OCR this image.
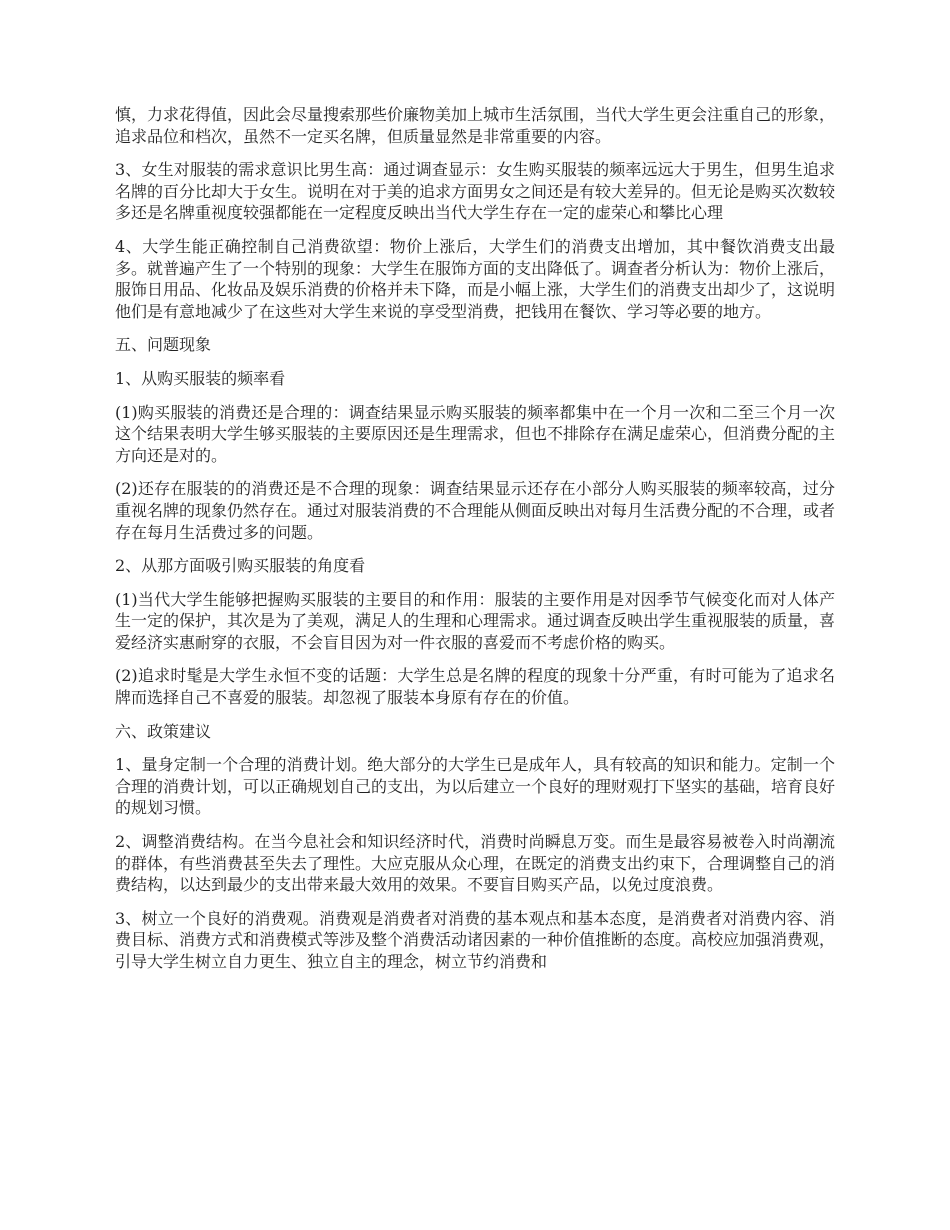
慎，力求花得值，因此会尽量搜索那些价廉物美加上城市生活氛围，当代大学生更会注重自己的形象，追求品位和档次，虽然不一定买名牌，但质量显然是非常重要的内容。

3、女生对服装的需求意识比男生高：通过调查显示：女生购买服装的频率远远大于男生，但男生追求名牌的百分比却大于女生。说明在对于美的追求方面男女之间还是有较大差异的。但无论是购买次数较多还是名牌重视度较强都能在一定程度反映出当代大学生存在一定的虚荣心和攀比心理

4、大学生能正确控制自己消费欲望：物价上涨后，大学生们的消费支出增加，其中餐饮消费支出最多。就普遍产生了一个特别的现象：大学生在服饰方面的支出降低了。调查者分析认为：物价上涨后，服饰日用品、化妆品及娱乐消费的价格并未下降，而是小幅上涨，大学生们的消费支出却少了，这说明他们是有意地减少了在这些对大学生来说的享受型消费，把钱用在餐饮、学习等必要的地方。

五、问题现象

1、从购买服装的频率看

(1)购买服装的消费还是合理的：调查结果显示购买服装的频率都集中在一个月一次和二至三个月一次这个结果表明大学生够买服装的主要原因还是生理需求，但也不排除存在满足虚荣心，但消费分配的主方向还是对的。

(2)还存在服装的的消费还是不合理的现象：调查结果显示还存在小部分人购买服装的频率较高，过分重视名牌的现象仍然存在。通过对服装消费的不合理能从侧面反映出对每月生活费分配的不合理，或者存在每月生活费过多的问题。

2、从那方面吸引购买服装的角度看

(1)当代大学生能够把握购买服装的主要目的和作用：服装的主要作用是对因季节气候变化而对人体产生一定的保护，其次是为了美观，满足人的生理和心理需求。通过调查反映出学生重视服装的质量，喜爱经济实惠耐穿的衣服，不会盲目因为对一件衣服的喜爱而不考虑价格的购买。

(2)追求时髦是大学生永恒不变的话题：大学生总是名牌的程度的现象十分严重，有时可能为了追求名牌而选择自己不喜爱的服装。却忽视了服装本身原有存在的价值。

六、政策建议

1、量身定制一个合理的消费计划。绝大部分的大学生已是成年人，具有较高的知识和能力。定制一个合理的消费计划，可以正确规划自己的支出，为以后建立一个良好的理财观打下坚实的基础，培育良好的规划习惯。

2、调整消费结构。在当今息社会和知识经济时代，消费时尚瞬息万变。而生是最容易被卷入时尚潮流的群体，有些消费甚至失去了理性。大应克服从众心理，在既定的消费支出约束下，合理调整自己的消费结构，以达到最少的支出带来最大效用的效果。不要盲目购买产品，以免过度浪费。

3、树立一个良好的消费观。消费观是消费者对消费的基本观点和基本态度，是消费者对消费内容、消费目标、消费方式和消费模式等涉及整个消费活动诸因素的一种价值推断的态度。高校应加强消费观，引导大学生树立自力更生、独立自主的理念，树立节约消费和
